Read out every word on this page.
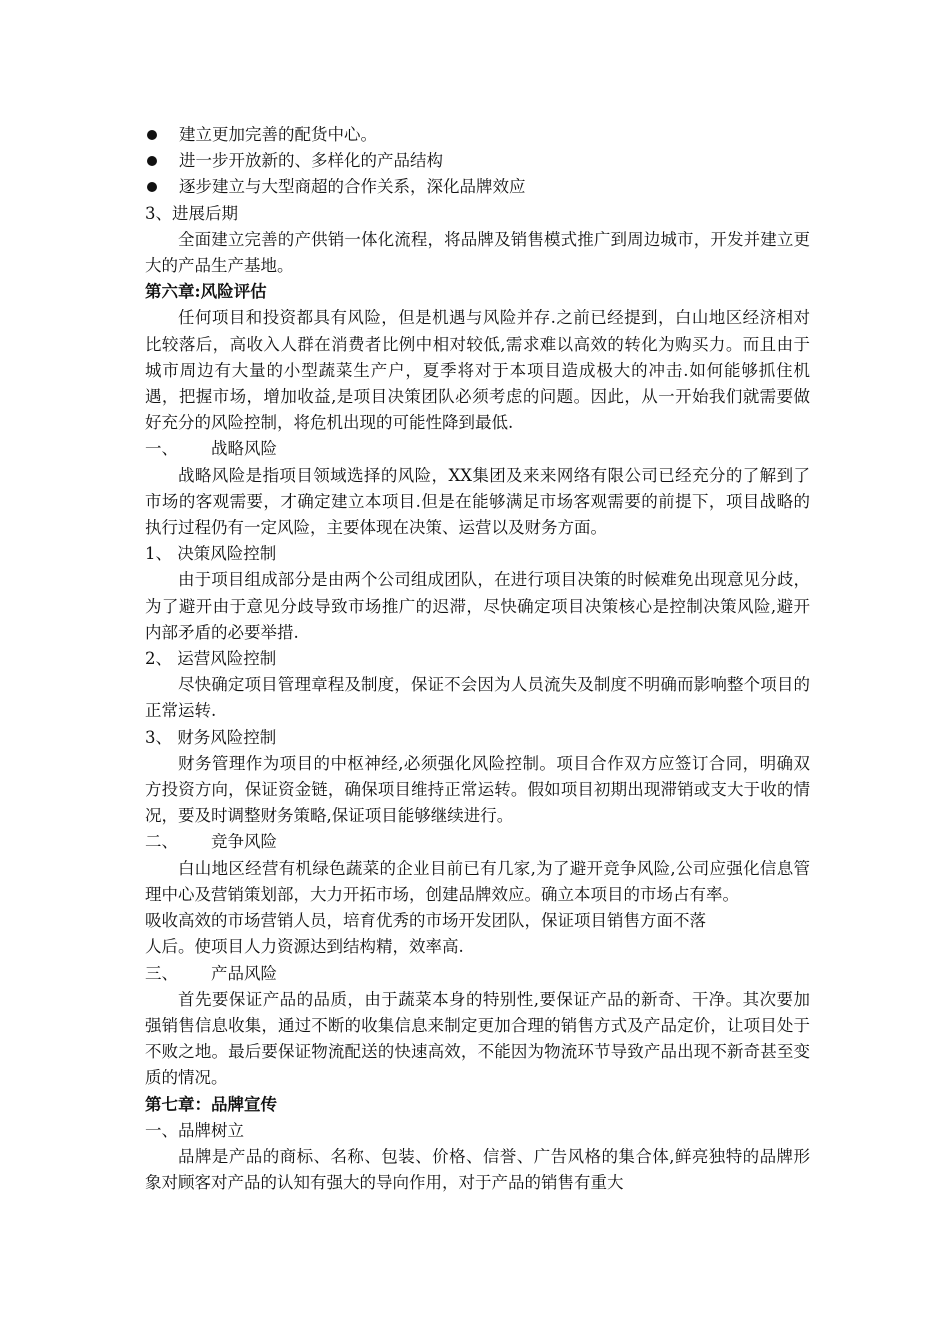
建立更加完善的配货中心。
进一步开放新的、多样化的产品结构
逐步建立与大型商超的合作关系，深化品牌效应
3、进展后期
全面建立完善的产供销一体化流程，将品牌及销售模式推广到周边城市，开发并建立更大的产品生产基地。
第六章:风险评估
任何项目和投资都具有风险，但是机遇与风险并存.之前已经提到，白山地区经济相对比较落后，高收入人群在消费者比例中相对较低,需求难以高效的转化为购买力。而且由于城市周边有大量的小型蔬菜生产户，夏季将对于本项目造成极大的冲击.如何能够抓住机遇，把握市场，增加收益,是项目决策团队必须考虑的问题。因此，从一开始我们就需要做好充分的风险控制，将危机出现的可能性降到最低.
一、 战略风险
战略风险是指项目领域选择的风险，XX集团及来来网络有限公司已经充分的了解到了市场的客观需要，才确定建立本项目.但是在能够满足市场客观需要的前提下，项目战略的执行过程仍有一定风险，主要体现在决策、运营以及财务方面。
1、 决策风险控制
由于项目组成部分是由两个公司组成团队，在进行项目决策的时候难免出现意见分歧，为了避开由于意见分歧导致市场推广的迟滞，尽快确定项目决策核心是控制决策风险,避开内部矛盾的必要举措.
2、 运营风险控制
尽快确定项目管理章程及制度，保证不会因为人员流失及制度不明确而影响整个项目的正常运转.
3、 财务风险控制
财务管理作为项目的中枢神经,必须强化风险控制。项目合作双方应签订合同，明确双方投资方向，保证资金链，确保项目维持正常运转。假如项目初期出现滞销或支大于收的情况，要及时调整财务策略,保证项目能够继续进行。
二、 竞争风险
白山地区经营有机绿色蔬菜的企业目前已有几家,为了避开竞争风险,公司应强化信息管理中心及营销策划部，大力开拓市场，创建品牌效应。确立本项目的市场占有率。
吸收高效的市场营销人员，培育优秀的市场开发团队，保证项目销售方面不落
人后。使项目人力资源达到结构精，效率高.
三、 产品风险
首先要保证产品的品质，由于蔬菜本身的特别性,要保证产品的新奇、干净。其次要加强销售信息收集，通过不断的收集信息来制定更加合理的销售方式及产品定价，让项目处于不败之地。最后要保证物流配送的快速高效，不能因为物流环节导致产品出现不新奇甚至变质的情况。
第七章：品牌宣传
一、品牌树立
品牌是产品的商标、名称、包装、价格、信誉、广告风格的集合体,鲜亮独特的品牌形象对顾客对产品的认知有强大的导向作用，对于产品的销售有重大
